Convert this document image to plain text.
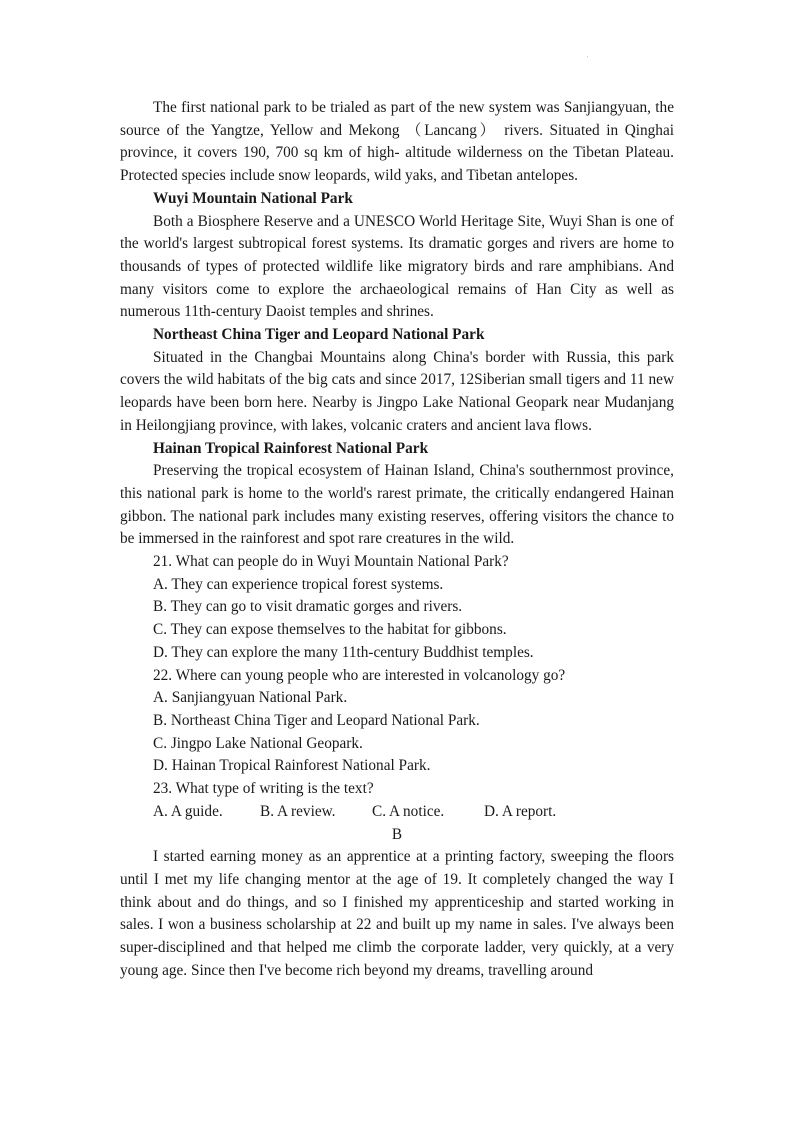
'

The first national park to be trialed as part of the new system was Sanjiangyuan, the source of the Yangtze, Yellow and Mekong （Lancang） rivers. Situated in Qinghai province, it covers 190, 700 sq km of high- altitude wilderness on the Tibetan Plateau. Protected species include snow leopards, wild yaks, and Tibetan antelopes.

Wuyi Mountain National Park

Both a Biosphere Reserve and a UNESCO World Heritage Site, Wuyi Shan is one of the world's largest subtropical forest systems. Its dramatic gorges and rivers are home to thousands of types of protected wildlife like migratory birds and rare amphibians. And many visitors come to explore the archaeological remains of Han City as well as numerous 11th-century Daoist temples and shrines.

Northeast China Tiger and Leopard National Park

Situated in the Changbai Mountains along China's border with Russia, this park covers the wild habitats of the big cats and since 2017, 12Siberian small tigers and 11 new leopards have been born here. Nearby is Jingpo Lake National Geopark near Mudanjang in Heilongjiang province, with lakes, volcanic craters and ancient lava flows.

Hainan Tropical Rainforest National Park

Preserving the tropical ecosystem of Hainan Island, China's southernmost province, this national park is home to the world's rarest primate, the critically endangered Hainan gibbon. The national park includes many existing reserves, offering visitors the chance to be immersed in the rainforest and spot rare creatures in the wild.

21. What can people do in Wuyi Mountain National Park?

A. They can experience tropical forest systems.

B. They can go to visit dramatic gorges and rivers.

C. They can expose themselves to the habitat for gibbons.

D. They can explore the many 11th-century Buddhist temples.

22. Where can young people who are interested in volcanology go?

A. Sanjiangyuan National Park.

B. Northeast China Tiger and Leopard National Park.

C. Jingpo Lake National Geopark.

D. Hainan Tropical Rainforest National Park.

23. What type of writing is the text?

A. A guide.	B. A review.	C. A notice.	D. A report.

B

I started earning money as an apprentice at a printing factory, sweeping the floors until I met my life changing mentor at the age of 19. It completely changed the way I think about and do things, and so I finished my apprenticeship and started working in sales. I won a business scholarship at 22 and built up my name in sales. I've always been super-disciplined and that helped me climb the corporate ladder, very quickly, at a very young age. Since then I've become rich beyond my dreams, travelling around
